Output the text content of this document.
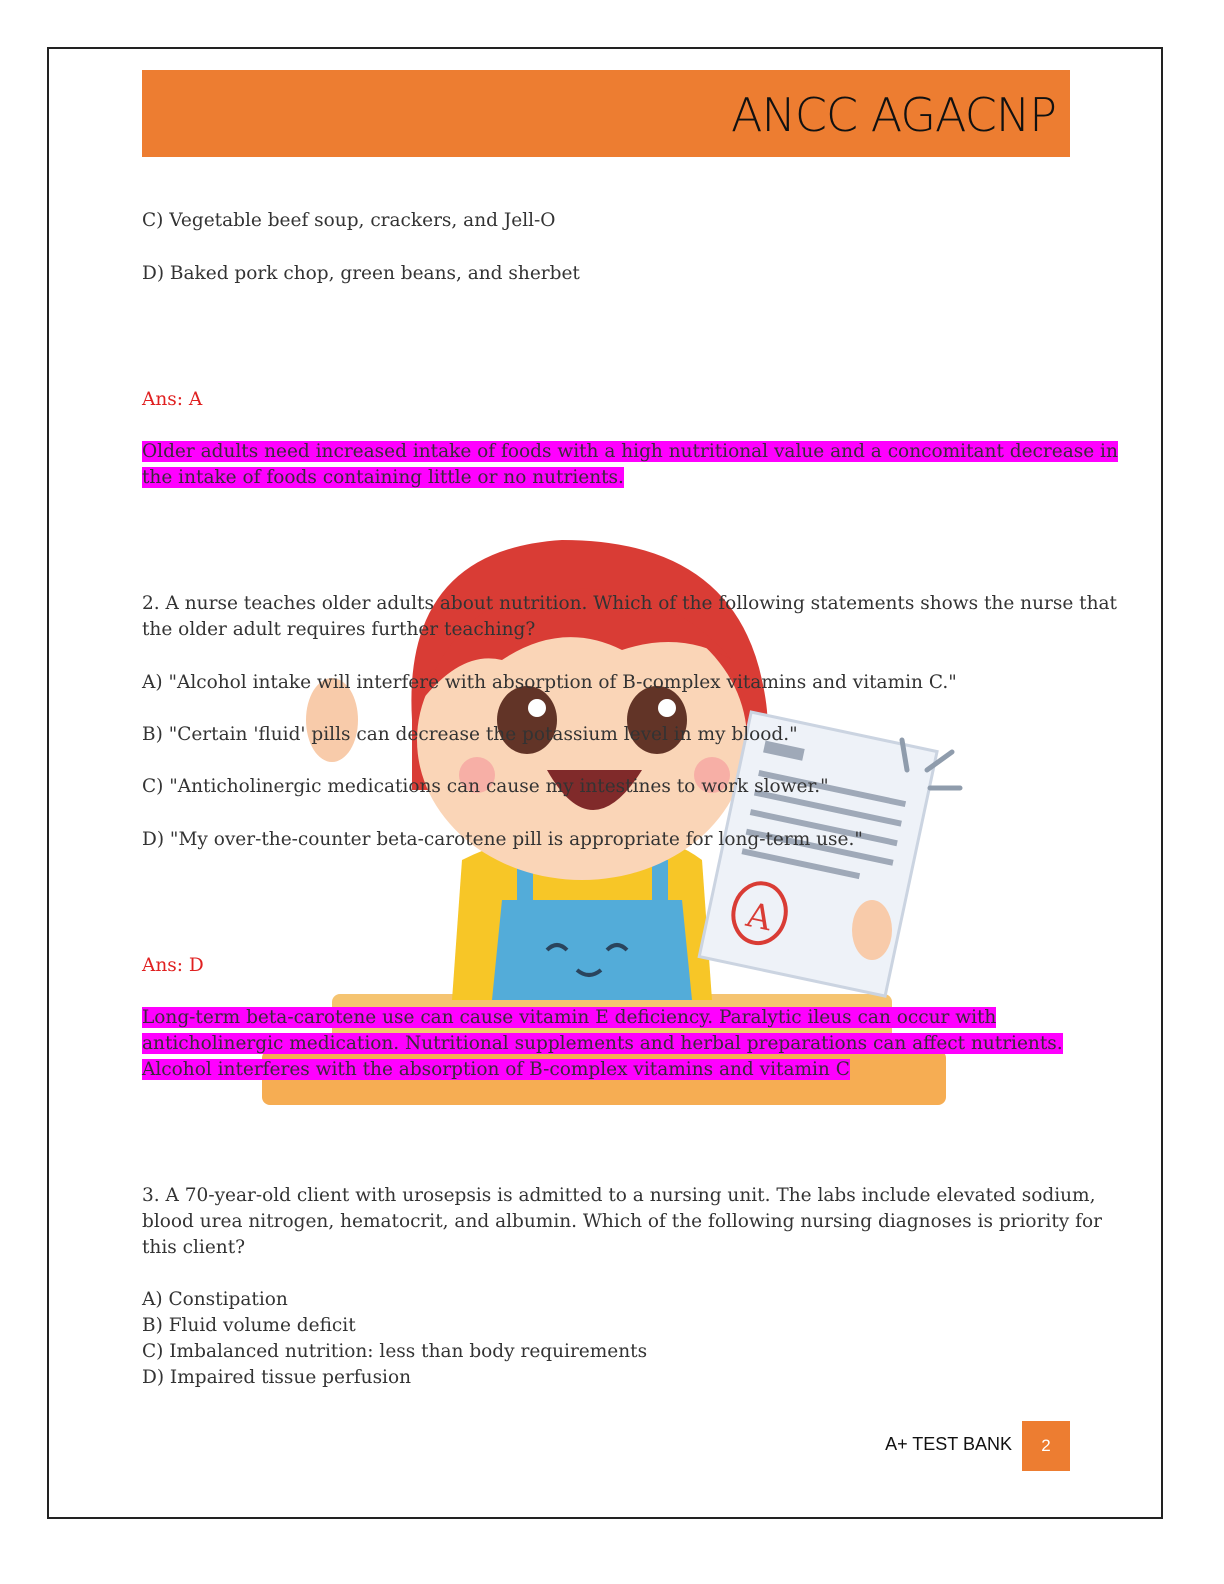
ANCC AGACNP
A

C) Vegetable beef soup, crackers, and Jell-O

D) Baked pork chop, green beans, and sherbet

Ans: A

Older adults need increased intake of foods with a high nutritional value and a concomitant decrease in

the intake of foods containing little or no nutrients.

2. A nurse teaches older adults about nutrition. Which of the following statements shows the nurse that

the older adult requires further teaching?

A) "Alcohol intake will interfere with absorption of B-complex vitamins and vitamin C."

B) "Certain 'fluid' pills can decrease the potassium level in my blood."

C) "Anticholinergic medications can cause my intestines to work slower."

D) "My over-the-counter beta-carotene pill is appropriate for long-term use."

Ans: D

Long-term beta-carotene use can cause vitamin E deficiency. Paralytic ileus can occur with

anticholinergic medication. Nutritional supplements and herbal preparations can affect nutrients.

Alcohol interferes with the absorption of B-complex vitamins and vitamin C

3. A 70-year-old client with urosepsis is admitted to a nursing unit. The labs include elevated sodium,

blood urea nitrogen, hematocrit, and albumin. Which of the following nursing diagnoses is priority for

this client?

A) Constipation

B) Fluid volume deficit

C) Imbalanced nutrition: less than body requirements

D) Impaired tissue perfusion

A+ TEST BANK 2
